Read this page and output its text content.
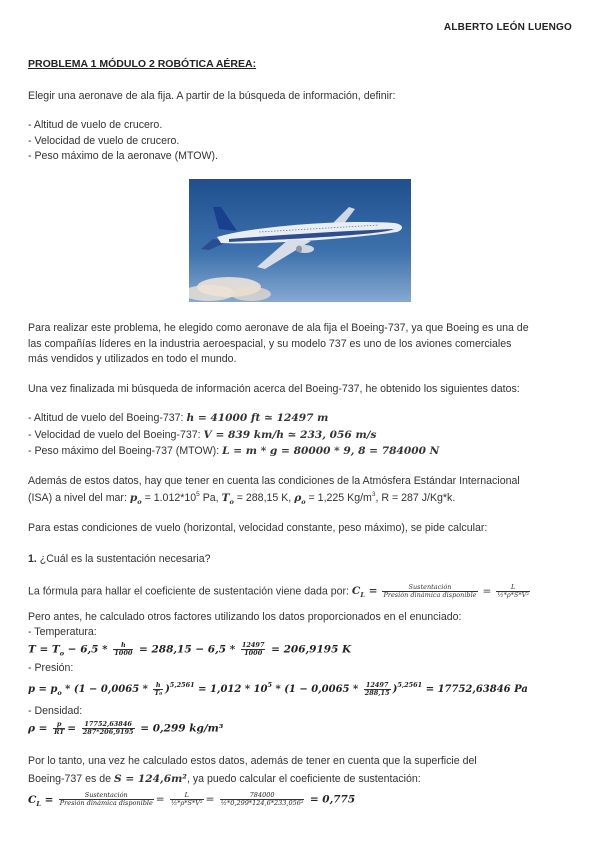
ALBERTO LEÓN LUENGO
PROBLEMA 1 MÓDULO 2 ROBÓTICA AÉREA:
Elegir una aeronave de ala fija. A partir de la búsqueda de información, definir:
- Altitud de vuelo de crucero.
- Velocidad de vuelo de crucero.
- Peso máximo de la aeronave (MTOW).
Para realizar este problema, he elegido como aeronave de ala fija el Boeing-737, ya que Boeing es una de
las compañías líderes en la industria aeroespacial, y su modelo 737 es uno de los aviones comerciales
más vendidos y utilizados en todo el mundo.
Una vez finalizada mi búsqueda de información acerca del Boeing-737, he obtenido los siguientes datos:
- Altitud de vuelo del Boeing-737: h = 41000 ft ≃ 12497 m
- Velocidad de vuelo del Boeing-737: V = 839 km/h ≃ 233, 056 m/s
- Peso máximo del Boeing-737 (MTOW): L = m * g = 80000 * 9, 8 = 784000 N
Además de estos datos, hay que tener en cuenta las condiciones de la Atmósfera Estándar Internacional
(ISA) a nivel del mar: $p_o = 1.012*10^5$ Pa, $T_o = 288,15$ K, $\rho_o = 1,225$ $Kg/m^3$, R = 287 J/Kg*k.
Para estas condiciones de vuelo (horizontal, velocidad constante, peso máximo), se pide calcular:
1. ¿Cuál es la sustentación necesaria?
La fórmula para hallar el coeficiente de sustentación viene dada por: $C_L = \frac{\text{Sustentación}}{\text{Presión dinámica disponible}} = \frac{L}{\text{½*ρ*S*V²}}$
Pero antes, he calculado otros factores utilizando los datos proporcionados en el enunciado:
- Temperatura:
$T = T_o - 6,5 * \frac{h}{1000} = 288,15 - 6,5 * \frac{12497}{1000} = 206,9195$ K
- Presión:
$p = p_o * (1 - 0,0065 * \frac{h}{\text{T₀}} )^{5,2561} = 1,012 * 10^5 * (1 - 0,0065 * \frac{12497}{288,15} )^{5,2561} = 17752,63846$ Pa
- Densidad:
$\rho = \frac{p}{RT} = \frac{17752,63846}{287*206,9195} = 0,299$ kg/m³
Por lo tanto, una vez he calculado estos datos, además de tener en cuenta que la superficie del
Boeing-737 es de S = 124,6m², ya puedo calcular el coeficiente de sustentación:
$C_L = \frac{\text{Sustentación}}{\text{Presión dinámica disponible}} = \frac{L}{\text{½*ρ*S*V²}} = \frac{784000}{\text{½*0,299*124,6*233,056²}} = 0,775$
